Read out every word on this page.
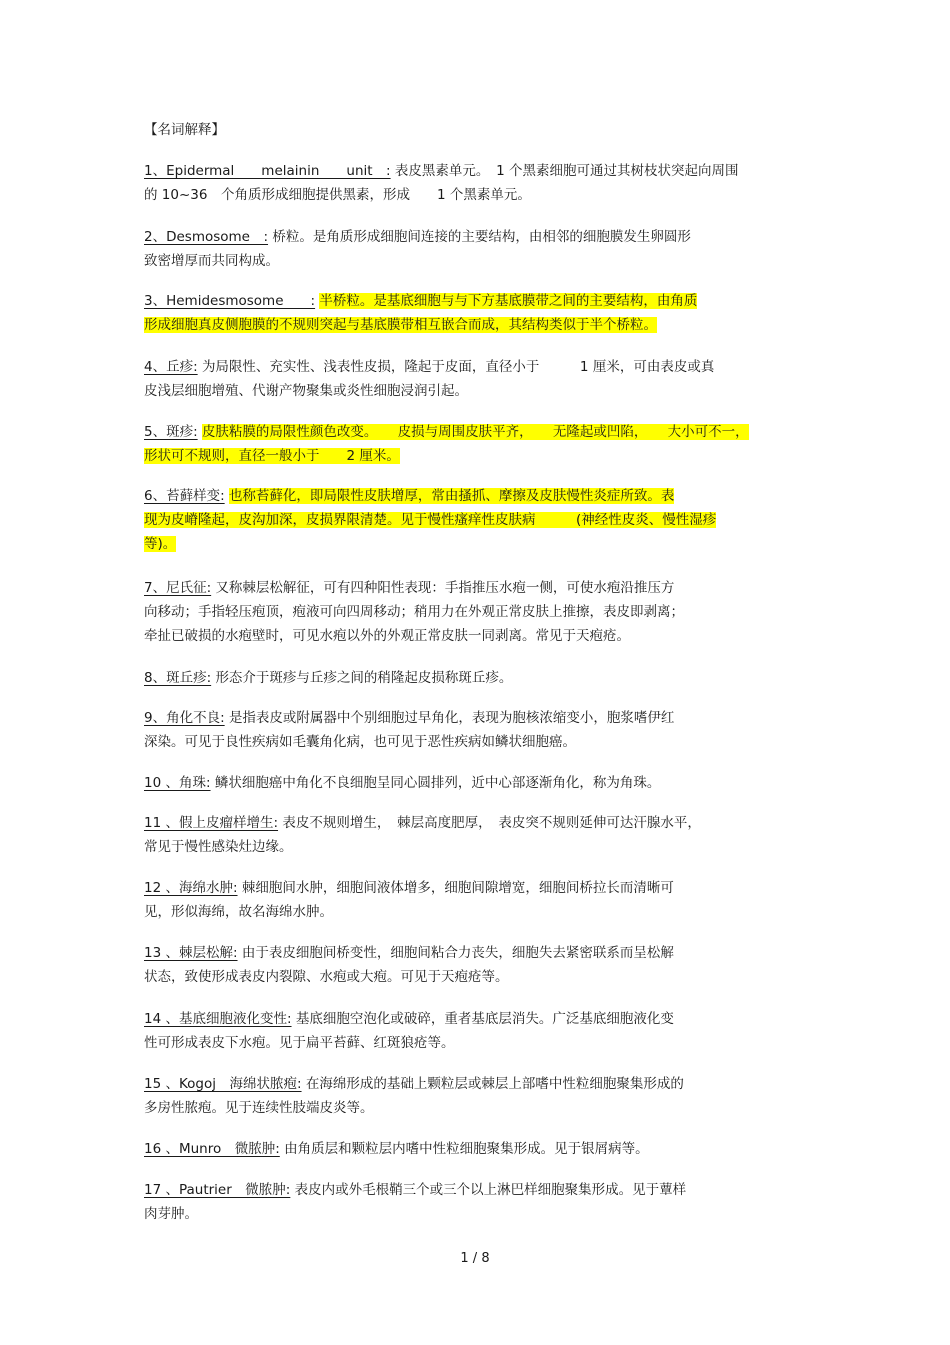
【名词解释】
1、Epidermal　　melainin　　unit　: 表皮黑素单元。　1 个黑素细胞可通过其树枝状突起向周围
的 10~36　个角质形成细胞提供黑素，形成　　1 个黑素单元。
2、Desmosome　: 桥粒。是角质形成细胞间连接的主要结构，由相邻的细胞膜发生卵圆形
致密增厚而共同构成。
3、Hemidesmosome　　: 半桥粒。是基底细胞与与下方基底膜带之间的主要结构，由角质
形成细胞真皮侧胞膜的不规则突起与基底膜带相互嵌合而成，其结构类似于半个桥粒。
4、丘疹: 为局限性、充实性、浅表性皮损，隆起于皮面，直径小于　　　1 厘米，可由表皮或真
皮浅层细胞增殖、代谢产物聚集或炎性细胞浸润引起。
5、斑疹: 皮肤粘膜的局限性颜色改变。　　皮损与周围皮肤平齐，　　无隆起或凹陷，　　大小可不一，
形状可不规则，直径一般小于　　2 厘米。
6、苔藓样变: 也称苔藓化，即局限性皮肤增厚，常由搔抓、摩擦及皮肤慢性炎症所致。表
现为皮嵴隆起，皮沟加深，皮损界限清楚。见于慢性瘙痒性皮肤病　　　(神经性皮炎、慢性湿疹
等)。
7、尼氏征: 又称棘层松解征，可有四种阳性表现：手指推压水疱一侧，可使水疱沿推压方
向移动；手指轻压疱顶，疱液可向四周移动；稍用力在外观正常皮肤上推擦，表皮即剥离；
牵扯已破损的水疱壁时，可见水疱以外的外观正常皮肤一同剥离。常见于天疱疮。
8、斑丘疹: 形态介于斑疹与丘疹之间的稍隆起皮损称斑丘疹。
9、角化不良: 是指表皮或附属器中个别细胞过早角化，表现为胞核浓缩变小，胞浆嗜伊红
深染。可见于良性疾病如毛囊角化病，也可见于恶性疾病如鳞状细胞癌。
10 、角珠: 鳞状细胞癌中角化不良细胞呈同心圆排列，近中心部逐渐角化，称为角珠。
11 、假上皮瘤样增生: 表皮不规则增生，　棘层高度肥厚，　表皮突不规则延伸可达汗腺水平，
常见于慢性感染灶边缘。
12 、海绵水肿: 棘细胞间水肿，细胞间液体增多，细胞间隙增宽，细胞间桥拉长而清晰可
见，形似海绵，故名海绵水肿。
13 、棘层松解: 由于表皮细胞间桥变性，细胞间粘合力丧失，细胞失去紧密联系而呈松解
状态，致使形成表皮内裂隙、水疱或大疱。可见于天疱疮等。
14 、基底细胞液化变性: 基底细胞空泡化或破碎，重者基底层消失。广泛基底细胞液化变
性可形成表皮下水疱。见于扁平苔藓、红斑狼疮等。
15 、Kogoj　海绵状脓疱: 在海绵形成的基础上颗粒层或棘层上部嗜中性粒细胞聚集形成的
多房性脓疱。见于连续性肢端皮炎等。
16 、Munro　微脓肿: 由角质层和颗粒层内嗜中性粒细胞聚集形成。见于银屑病等。
17 、Pautrier　微脓肿: 表皮内或外毛根鞘三个或三个以上淋巴样细胞聚集形成。见于蕈样
肉芽肿。
1 / 8
